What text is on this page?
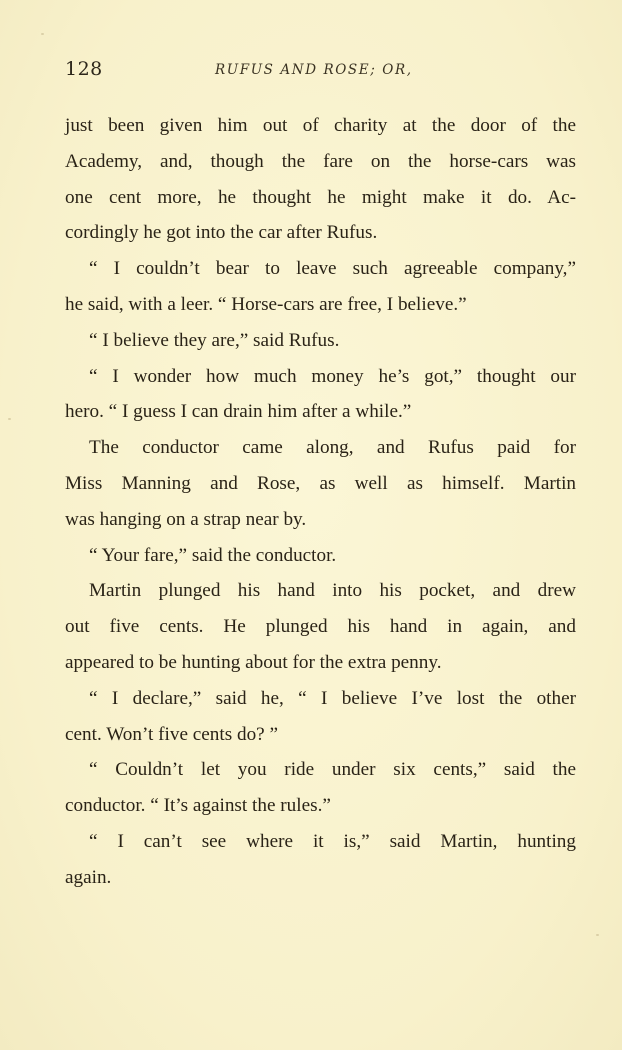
128	RUFUS AND ROSE; OR,
just been given him out of charity at the door of the
Academy, and, though the fare on the horse-cars was
one cent more, he thought he might make it do. Ac-
cordingly he got into the car after Rufus.
“ I couldn’t bear to leave such agreeable company,”
he said, with a leer. “ Horse-cars are free, I believe.”
“ I believe they are,” said Rufus.
“ I wonder how much money he’s got,” thought our
hero. “ I guess I can drain him after a while.”
The conductor came along, and Rufus paid for
Miss Manning and Rose, as well as himself. Martin
was hanging on a strap near by.
“ Your fare,” said the conductor.
Martin plunged his hand into his pocket, and drew
out five cents. He plunged his hand in again, and
appeared to be hunting about for the extra penny.
“ I declare,” said he, “ I believe I’ve lost the other
cent. Won’t five cents do? ”
“ Couldn’t let you ride under six cents,” said the
conductor. “ It’s against the rules.”
“ I can’t see where it is,” said Martin, hunting
again.
